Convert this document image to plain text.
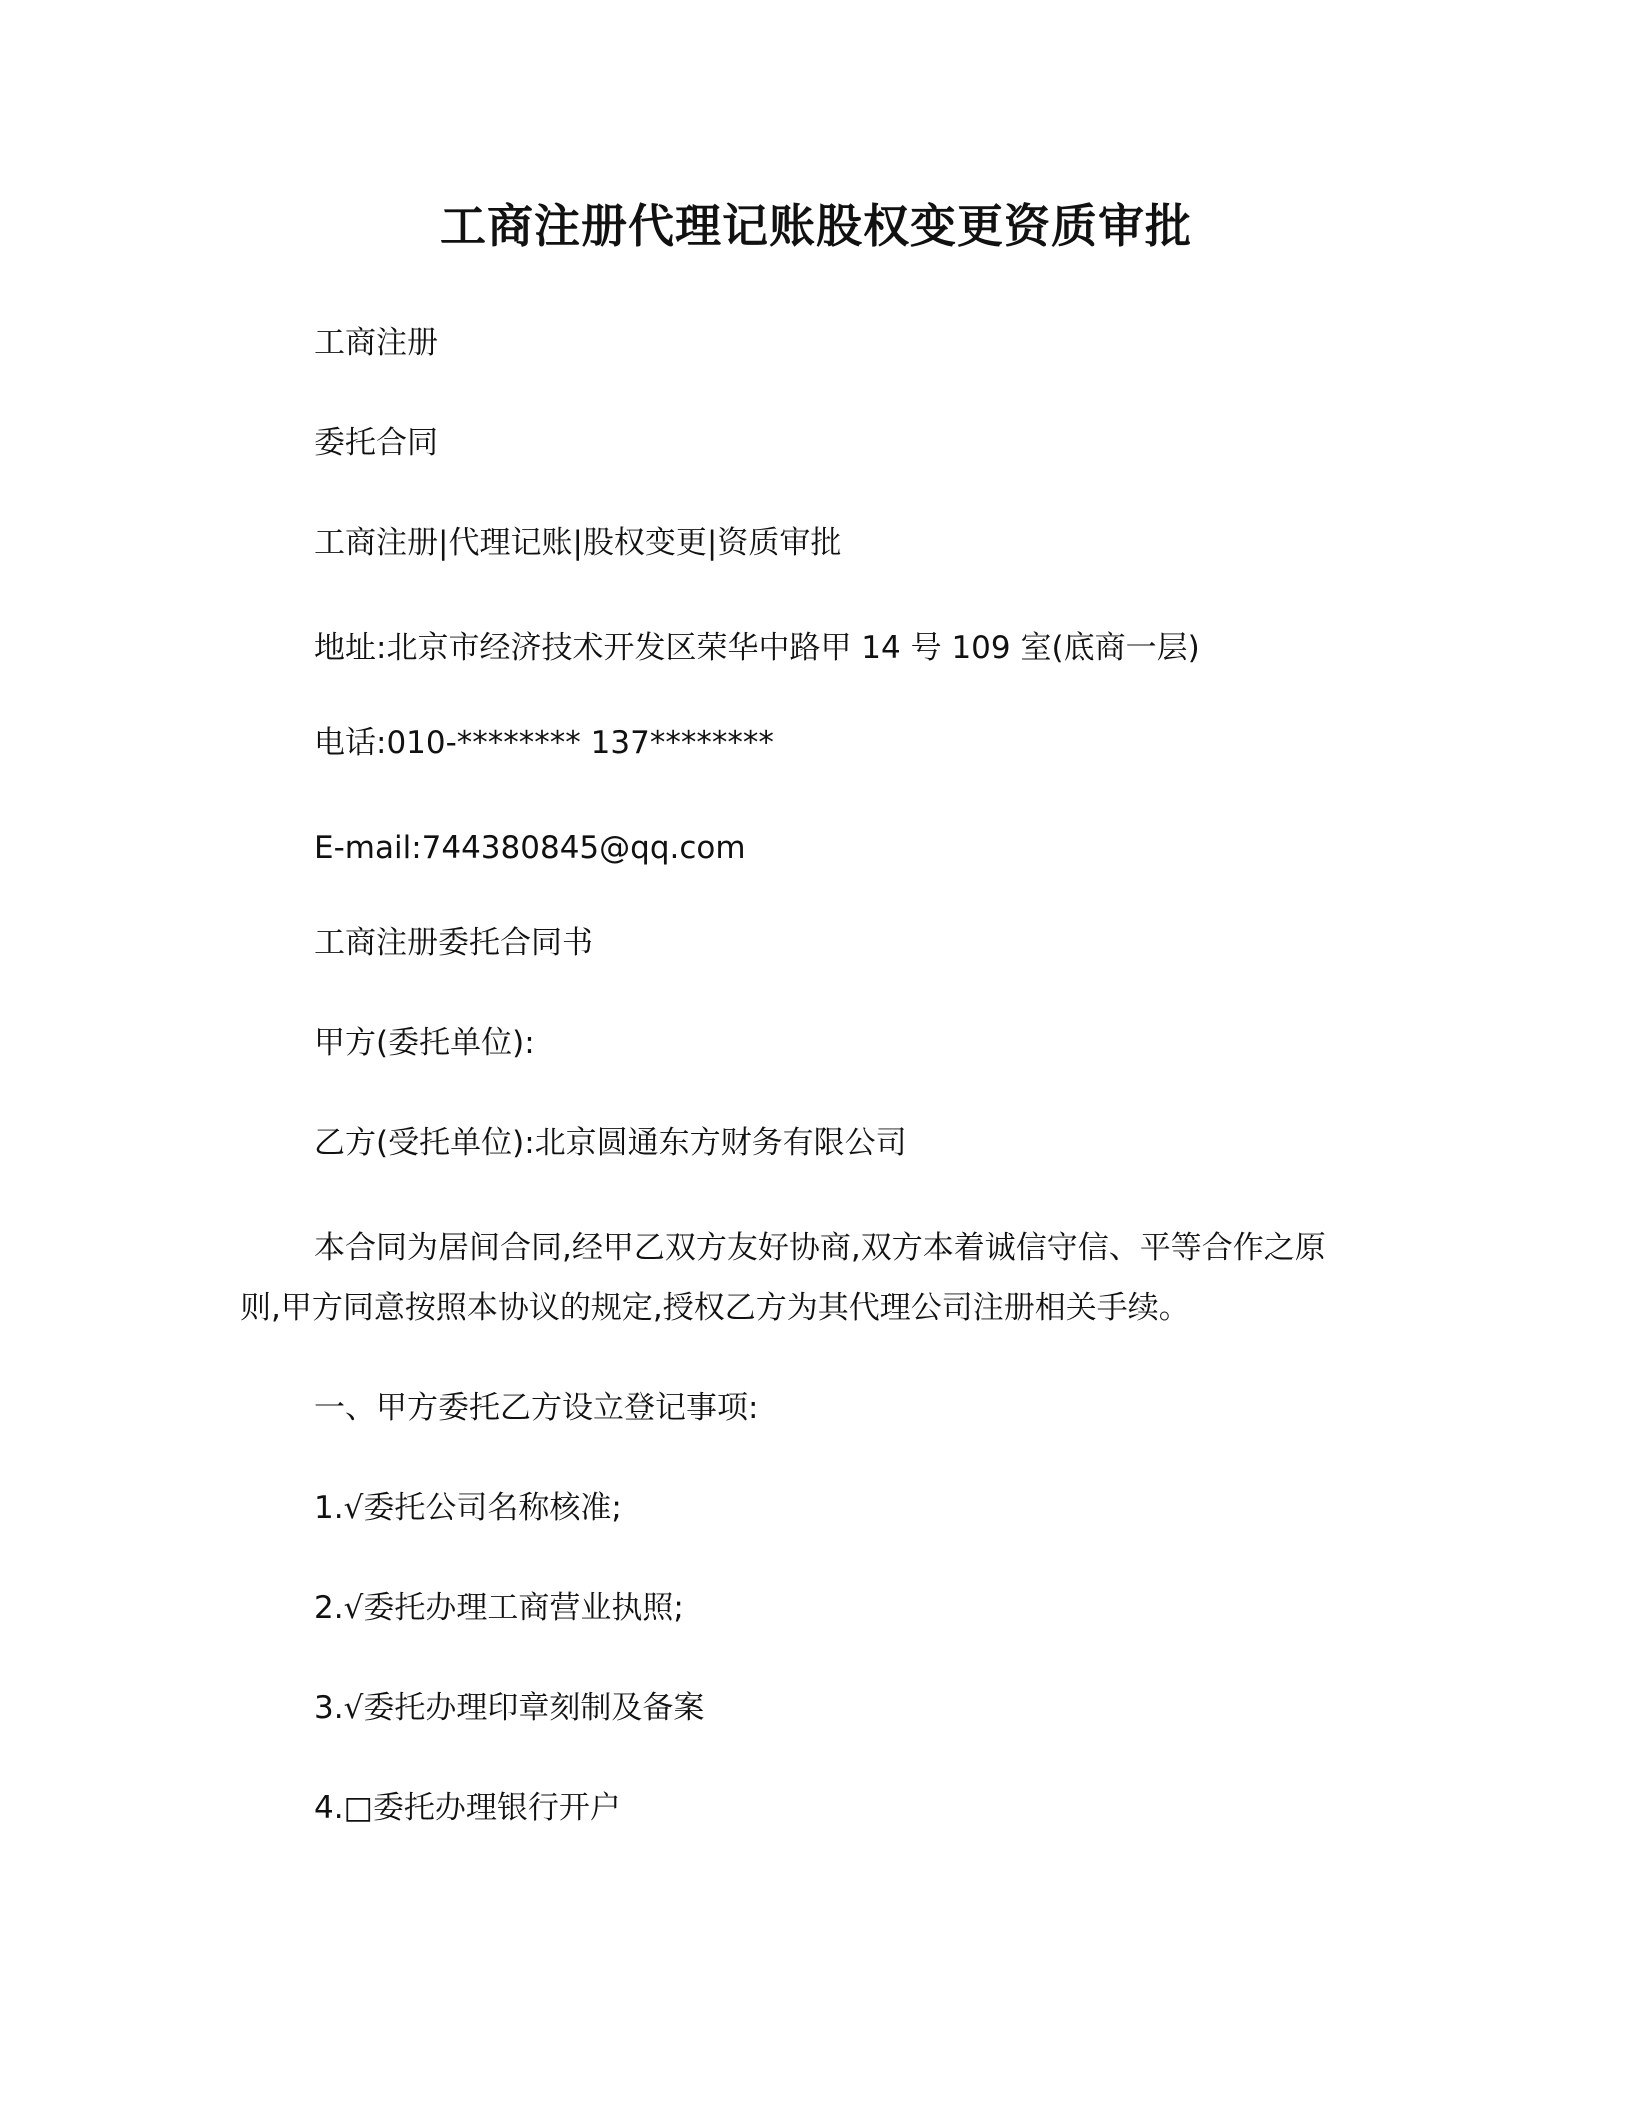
工商注册代理记账股权变更资质审批
工商注册
委托合同
工商注册|代理记账|股权变更|资质审批
地址:北京市经济技术开发区荣华中路甲 14 号 109 室(底商一层)
电话:010-******** 137********
E-mail:744380845@qq.com
工商注册委托合同书
甲方(委托单位):
乙方(受托单位):北京圆通东方财务有限公司
本合同为居间合同,经甲乙双方友好协商,双方本着诚信守信、平等合作之原则,甲方同意按照本协议的规定,授权乙方为其代理公司注册相关手续。
一、甲方委托乙方设立登记事项:
1.√委托公司名称核准;
2.√委托办理工商营业执照;
3.√委托办理印章刻制及备案
4.□委托办理银行开户
